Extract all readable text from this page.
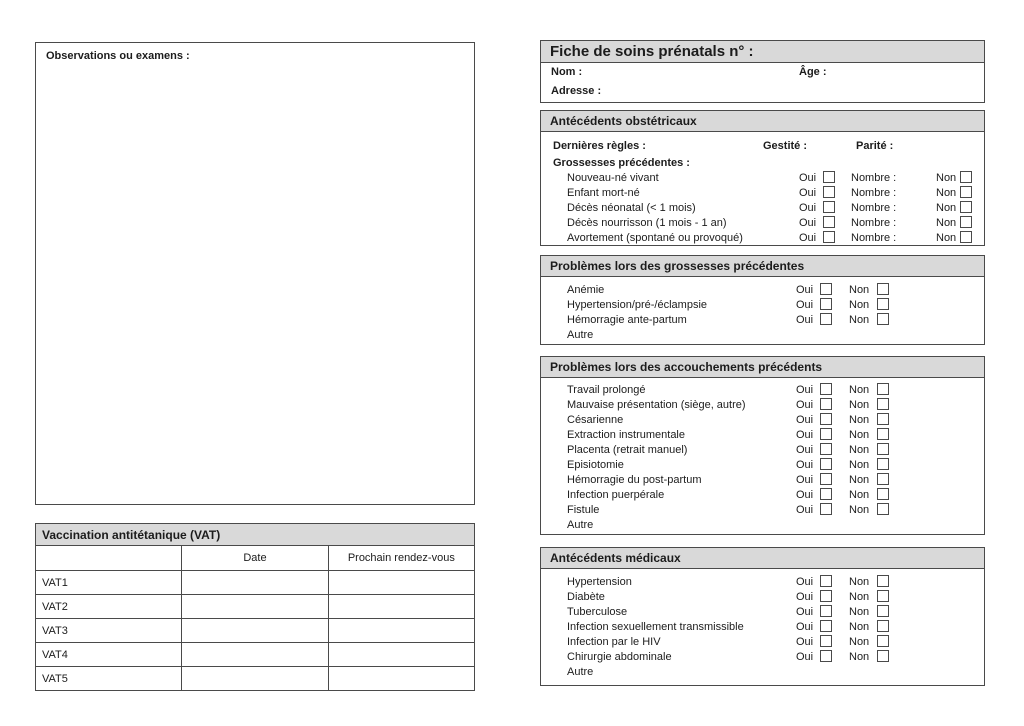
Observations ou examens :
Vaccination antitétanique (VAT)		
	Date	Prochain rendez-vous
VAT1		
VAT2		
VAT3		
VAT4		
VAT5		
Fiche de soins prénatals n° :
Nom :	Âge :
Adresse :
Antécédents obstétricaux
Dernières règles :	Gestité :	Parité :
Grossesses précédentes :
Nouveau-né vivant	Oui	Nombre :	Non
Enfant mort-né	Oui	Nombre :	Non
Décès néonatal (< 1 mois)	Oui	Nombre :	Non
Décès nourrisson (1 mois - 1 an)	Oui	Nombre :	Non
Avortement (spontané ou provoqué)	Oui	Nombre :	Non
Problèmes lors des grossesses précédentes
Anémie	Oui	Non
Hypertension/pré-/éclampsie	Oui	Non
Hémorragie ante-partum	Oui	Non
Autre
Problèmes lors des accouchements précédents
Travail prolongé	Oui	Non
Mauvaise présentation (siège, autre)	Oui	Non
Césarienne	Oui	Non
Extraction instrumentale	Oui	Non
Placenta (retrait manuel)	Oui	Non
Episiotomie	Oui	Non
Hémorragie du post-partum	Oui	Non
Infection puerpérale	Oui	Non
Fistule	Oui	Non
Autre
Antécédents médicaux
Hypertension	Oui	Non
Diabète	Oui	Non
Tuberculose	Oui	Non
Infection sexuellement transmissible	Oui	Non
Infection par le HIV	Oui	Non
Chirurgie abdominale	Oui	Non
Autre
